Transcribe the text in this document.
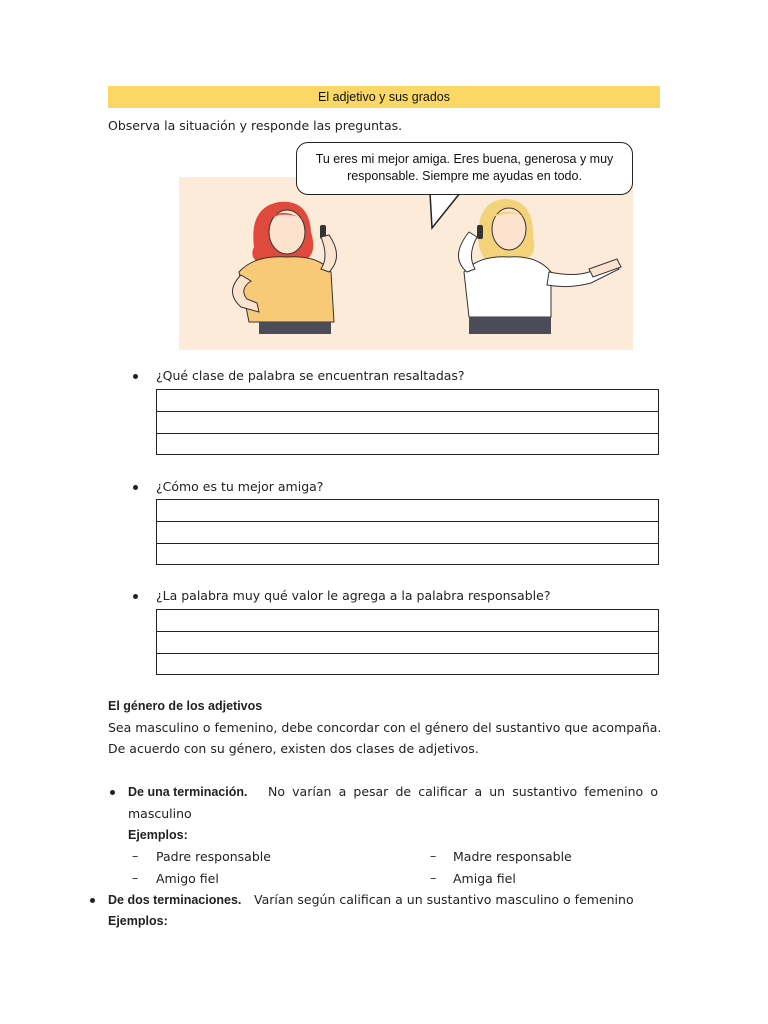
El adjetivo y sus grados
Observa la situación y responde las preguntas.
Tu eres mi mejor amiga. Eres buena, generosa y muy
responsable. Siempre me ayudas en todo.
¿Qué clase de palabra se encuentran resaltadas?
¿Cómo es tu mejor amiga?
¿La palabra muy qué valor le agrega a la palabra responsable?
El género de los adjetivos
Sea masculino o femenino, debe concordar con el género del sustantivo que acompaña.
De acuerdo con su género, existen dos clases de adjetivos.
De una terminación. No varían a pesar de calificar a un sustantivo femenino o
masculino
Ejemplos:
– Padre responsable	– Madre responsable
– Amigo fiel	– Amiga fiel
De dos terminaciones. Varían según califican a un sustantivo masculino o femenino
Ejemplos:
